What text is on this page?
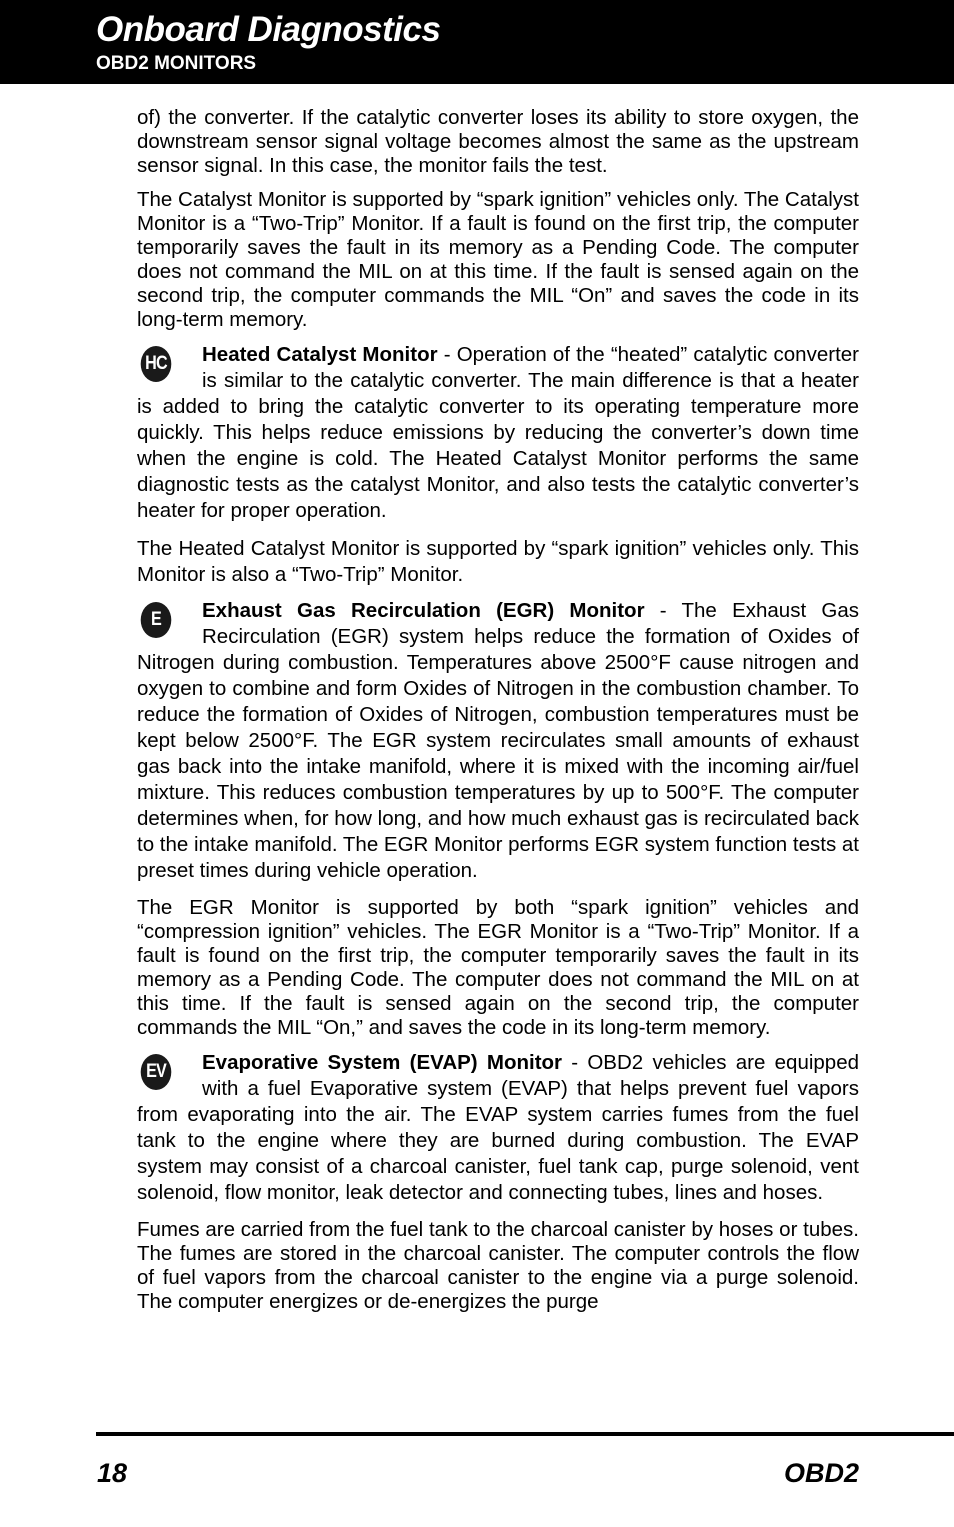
Onboard Diagnostics
OBD2 MONITORS

of) the converter. If the catalytic converter loses its ability to store oxygen, the downstream sensor signal voltage becomes almost the same as the upstream sensor signal. In this case, the monitor fails the test.

The Catalyst Monitor is supported by “spark ignition” vehicles only. The Catalyst Monitor is a “Two-Trip” Monitor. If a fault is found on the first trip, the computer temporarily saves the fault in its memory as a Pending Code. The computer does not command the MIL on at this time. If the fault is sensed again on the second trip, the computer commands the MIL “On” and saves the code in its long-term memory.

HC Heated Catalyst Monitor - Operation of the “heated” catalytic converter is similar to the catalytic converter. The main difference is that a heater is added to bring the catalytic converter to its operating temperature more quickly. This helps reduce emissions by reducing the converter’s down time when the engine is cold. The Heated Catalyst Monitor performs the same diagnostic tests as the catalyst Monitor, and also tests the catalytic converter’s heater for proper operation.

The Heated Catalyst Monitor is supported by “spark ignition” vehicles only. This Monitor is also a “Two-Trip” Monitor.

E	Exhaust Gas Recirculation (EGR) Monitor - The Exhaust Gas Recirculation (EGR) system helps reduce the formation of Oxides of Nitrogen during combustion. Temperatures above 2500°F cause nitrogen and oxygen to combine and form Oxides of Nitrogen in the combustion chamber. To reduce the formation of Oxides of Nitrogen, combustion temperatures must be kept below 2500°F. The EGR system recirculates small amounts of exhaust gas back into the intake manifold, where it is mixed with the incoming air/fuel mixture. This reduces combustion temperatures by up to 500°F. The computer determines when, for how long, and how much exhaust gas is recirculated back to the intake manifold. The EGR Monitor performs EGR system function tests at preset times during vehicle operation.

The EGR Monitor is supported by both “spark ignition” vehicles and “compression ignition” vehicles. The EGR Monitor is a “Two-Trip” Monitor. If a fault is found on the first trip, the computer temporarily saves the fault in its memory as a Pending Code. The computer does not command the MIL on at this time. If the fault is sensed again on the second trip, the computer commands the MIL “On,” and saves the code in its long-term memory.

EV Evaporative System (EVAP) Monitor - OBD2 vehicles are equipped with a fuel Evaporative system (EVAP) that helps prevent fuel vapors from evaporating into the air. The EVAP system carries fumes from the fuel tank to the engine where they are burned during combustion. The EVAP system may consist of a charcoal canister, fuel tank cap, purge solenoid, vent solenoid, flow monitor, leak detector and connecting tubes, lines and hoses.

Fumes are carried from the fuel tank to the charcoal canister by hoses or tubes. The fumes are stored in the charcoal canister. The computer controls the flow of fuel vapors from the charcoal canister to the engine via a purge solenoid. The computer energizes or de-energizes the purge

18	OBD2
